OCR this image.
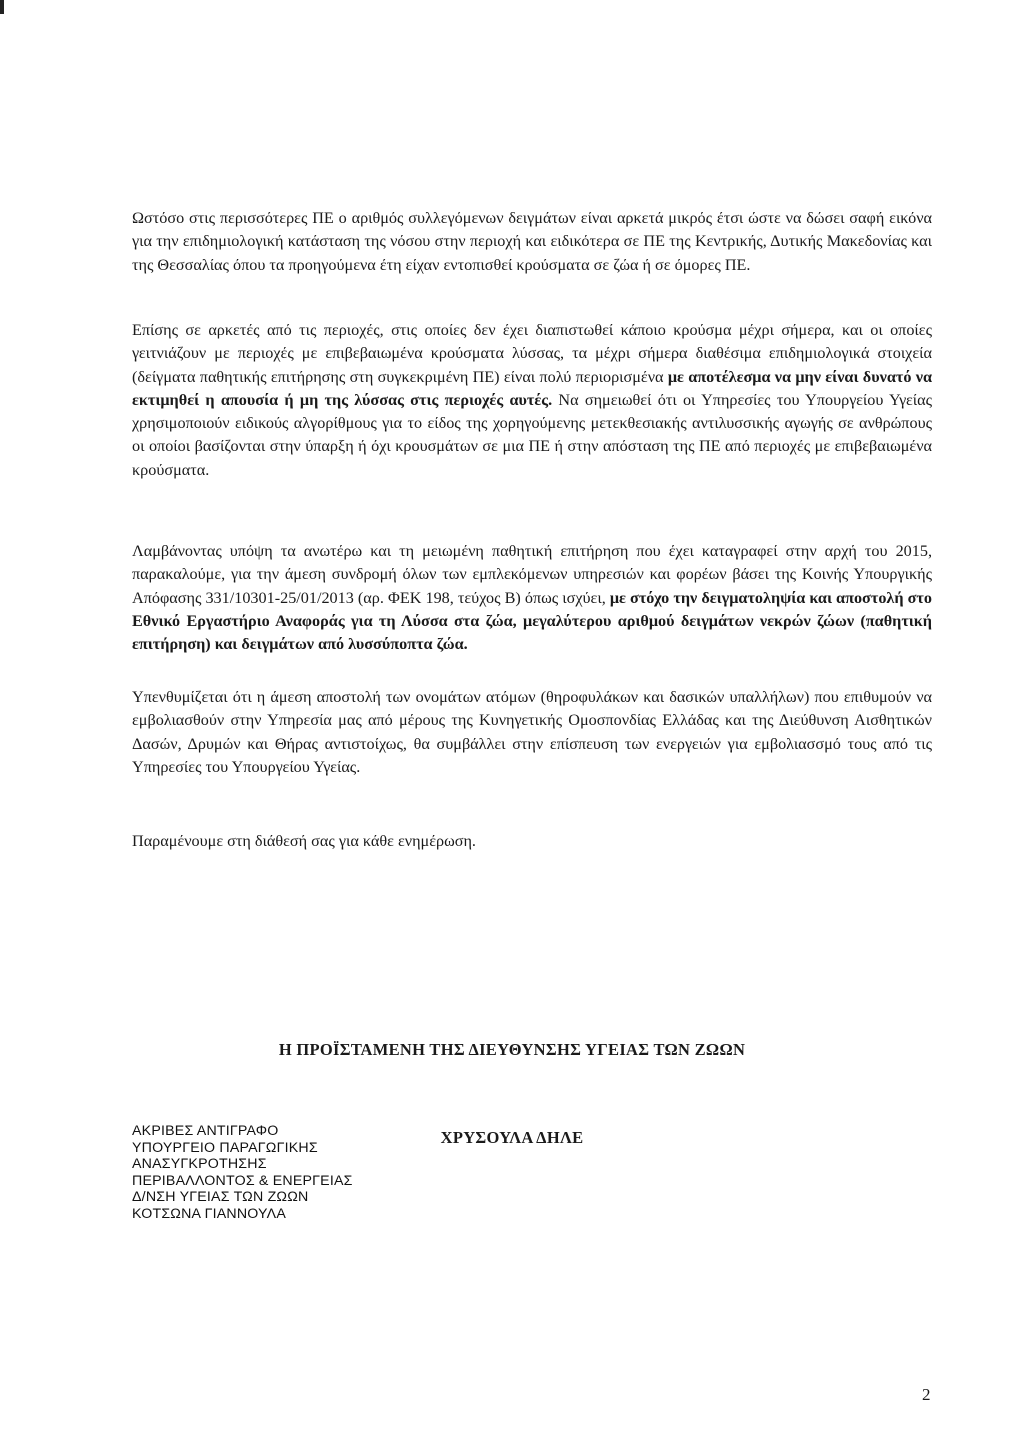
Ωστόσο στις περισσότερες ΠΕ ο αριθμός συλλεγόμενων δειγμάτων είναι αρκετά μικρός έτσι ώστε να δώσει σαφή εικόνα για την επιδημιολογική κατάσταση της νόσου στην περιοχή και ειδικότερα σε ΠΕ της Κεντρικής, Δυτικής Μακεδονίας και της Θεσσαλίας όπου τα προηγούμενα έτη είχαν εντοπισθεί κρούσματα σε ζώα ή σε όμορες ΠΕ.

Επίσης σε αρκετές από τις περιοχές, στις οποίες δεν έχει διαπιστωθεί κάποιο κρούσμα μέχρι σήμερα, και οι οποίες γειτνιάζουν με περιοχές με επιβεβαιωμένα κρούσματα λύσσας, τα μέχρι σήμερα διαθέσιμα επιδημιολογικά στοιχεία (δείγματα παθητικής επιτήρησης στη συγκεκριμένη ΠΕ) είναι πολύ περιορισμένα με αποτέλεσμα να μην είναι δυνατό να εκτιμηθεί η απουσία ή μη της λύσσας στις περιοχές αυτές. Να σημειωθεί ότι οι Υπηρεσίες του Υπουργείου Υγείας χρησιμοποιούν ειδικούς αλγορίθμους για το είδος της χορηγούμενης μετεκθεσιακής αντιλυσσικής αγωγής σε ανθρώπους οι οποίοι βασίζονται στην ύπαρξη ή όχι κρουσμάτων σε μια ΠΕ ή στην απόσταση της ΠΕ από περιοχές με επιβεβαιωμένα κρούσματα.

Λαμβάνοντας υπόψη τα ανωτέρω και τη μειωμένη παθητική επιτήρηση που έχει καταγραφεί στην αρχή του 2015, παρακαλούμε, για την άμεση συνδρομή όλων των εμπλεκόμενων υπηρεσιών και φορέων βάσει της Κοινής Υπουργικής Απόφασης 331/10301-25/01/2013 (αρ. ΦΕΚ 198, τεύχος Β) όπως ισχύει, με στόχο την δειγματοληψία και αποστολή στο Εθνικό Εργαστήριο Αναφοράς για τη Λύσσα στα ζώα, μεγαλύτερου αριθμού δειγμάτων νεκρών ζώων (παθητική επιτήρηση) και δειγμάτων από λυσσύποπτα ζώα.

Υπενθυμίζεται ότι η άμεση αποστολή των ονομάτων ατόμων (θηροφυλάκων και δασικών υπαλλήλων) που επιθυμούν να εμβολιασθούν στην Υπηρεσία μας από μέρους της Κυνηγετικής Ομοσπονδίας Ελλάδας και της Διεύθυνση Αισθητικών Δασών, Δρυμών και Θήρας αντιστοίχως, θα συμβάλλει στην επίσπευση των ενεργειών για εμβολιασσμό τους από τις Υπηρεσίες του Υπουργείου Υγείας.

Παραμένουμε στη διάθεσή σας για κάθε ενημέρωση.

Η ΠΡΟΪΣΤΑΜΕΝΗ ΤΗΣ ΔΙΕΥΘΥΝΣΗΣ ΥΓΕΙΑΣ ΤΩΝ ΖΩΩΝ
ΧΡΥΣΟΥΛΑ ΔΗΛΕ
ΑΚΡΙΒΕΣ ΑΝΤΙΓΡΑΦΟ
ΥΠΟΥΡΓΕΙΟ ΠΑΡΑΓΩΓΙΚΗΣ
ΑΝΑΣΥΓΚΡΟΤΗΣΗΣ
ΠΕΡΙΒΑΛΛΟΝΤΟΣ & ΕΝΕΡΓΕΙΑΣ
Δ/ΝΣΗ ΥΓΕΙΑΣ ΤΩΝ ΖΩΩΝ
ΚΟΤΣΩΝΑ ΓΙΑΝΝΟΥΛΑ
2
